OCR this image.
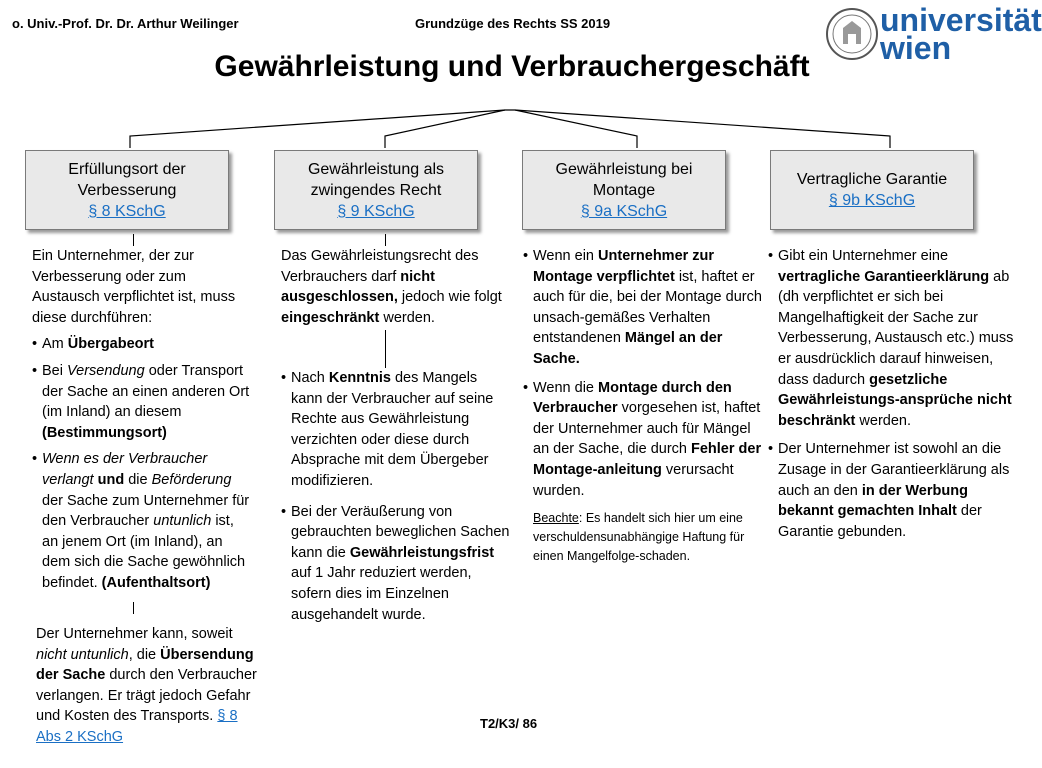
o. Univ.-Prof. Dr. Dr. Arthur Weilinger	Grundzüge des Rechts SS 2019	universität
wien
Gewährleistung und Verbrauchergeschäft
Erfüllungsort der
Verbesserung
§ 8 KSchG
Gewährleistung als
zwingendes Recht
§ 9 KSchG
Gewährleistung bei
Montage
§ 9a KSchG
Vertragliche Garantie
§ 9b KSchG

Ein Unternehmer, der zur Verbesserung oder zum Austausch verpflichtet ist, muss diese durchführen:

• Am Übergabeort
• Bei Versendung oder Transport der Sache an einen anderen Ort (im Inland) an diesem (Bestimmungsort)
• Wenn es der Verbraucher verlangt und die Beförderung der Sache zum Unternehmer für den Verbraucher untunlich ist, an jenem Ort (im Inland), an dem sich die Sache gewöhnlich befindet. (Aufenthaltsort)

Der Unternehmer kann, soweit nicht untunlich, die Übersendung der Sache durch den Verbraucher verlangen. Er trägt jedoch Gefahr und Kosten des Transports. § 8 Abs 2 KSchG

Das Gewährleistungsrecht des Verbrauchers darf nicht ausgeschlossen, jedoch wie folgt eingeschränkt werden.

• Nach Kenntnis des Mangels kann der Verbraucher auf seine Rechte aus Gewährleistung verzichten oder diese durch Absprache mit dem Übergeber modifizieren.
• Bei der Veräußerung von gebrauchten beweglichen Sachen kann die Gewährleistungsfrist auf 1 Jahr reduziert werden, sofern dies im Einzelnen ausgehandelt wurde.
• Wenn ein Unternehmer zur Montage verpflichtet ist, haftet er auch für die, bei der Montage durch unsach-gemäßes Verhalten entstandenen Mängel an der Sache.
• Wenn die Montage durch den Verbraucher vorgesehen ist, haftet der Unternehmer auch für Mängel an der Sache, die durch Fehler der Montage-anleitung verursacht wurden.

Beachte: Es handelt sich hier um eine verschuldensunabhängige Haftung für einen Mangelfolge-schaden.

• Gibt ein Unternehmer eine vertragliche Garantieerklärung ab (dh verpflichtet er sich bei Mangelhaftigkeit der Sache zur Verbesserung, Austausch etc.) muss er ausdrücklich darauf hinweisen, dass dadurch gesetzliche Gewährleistungs-ansprüche nicht beschränkt werden.
• Der Unternehmer ist sowohl an die Zusage in der Garantieerklärung als auch an den in der Werbung bekannt gemachten Inhalt der Garantie gebunden.
T2/K3/ 86
